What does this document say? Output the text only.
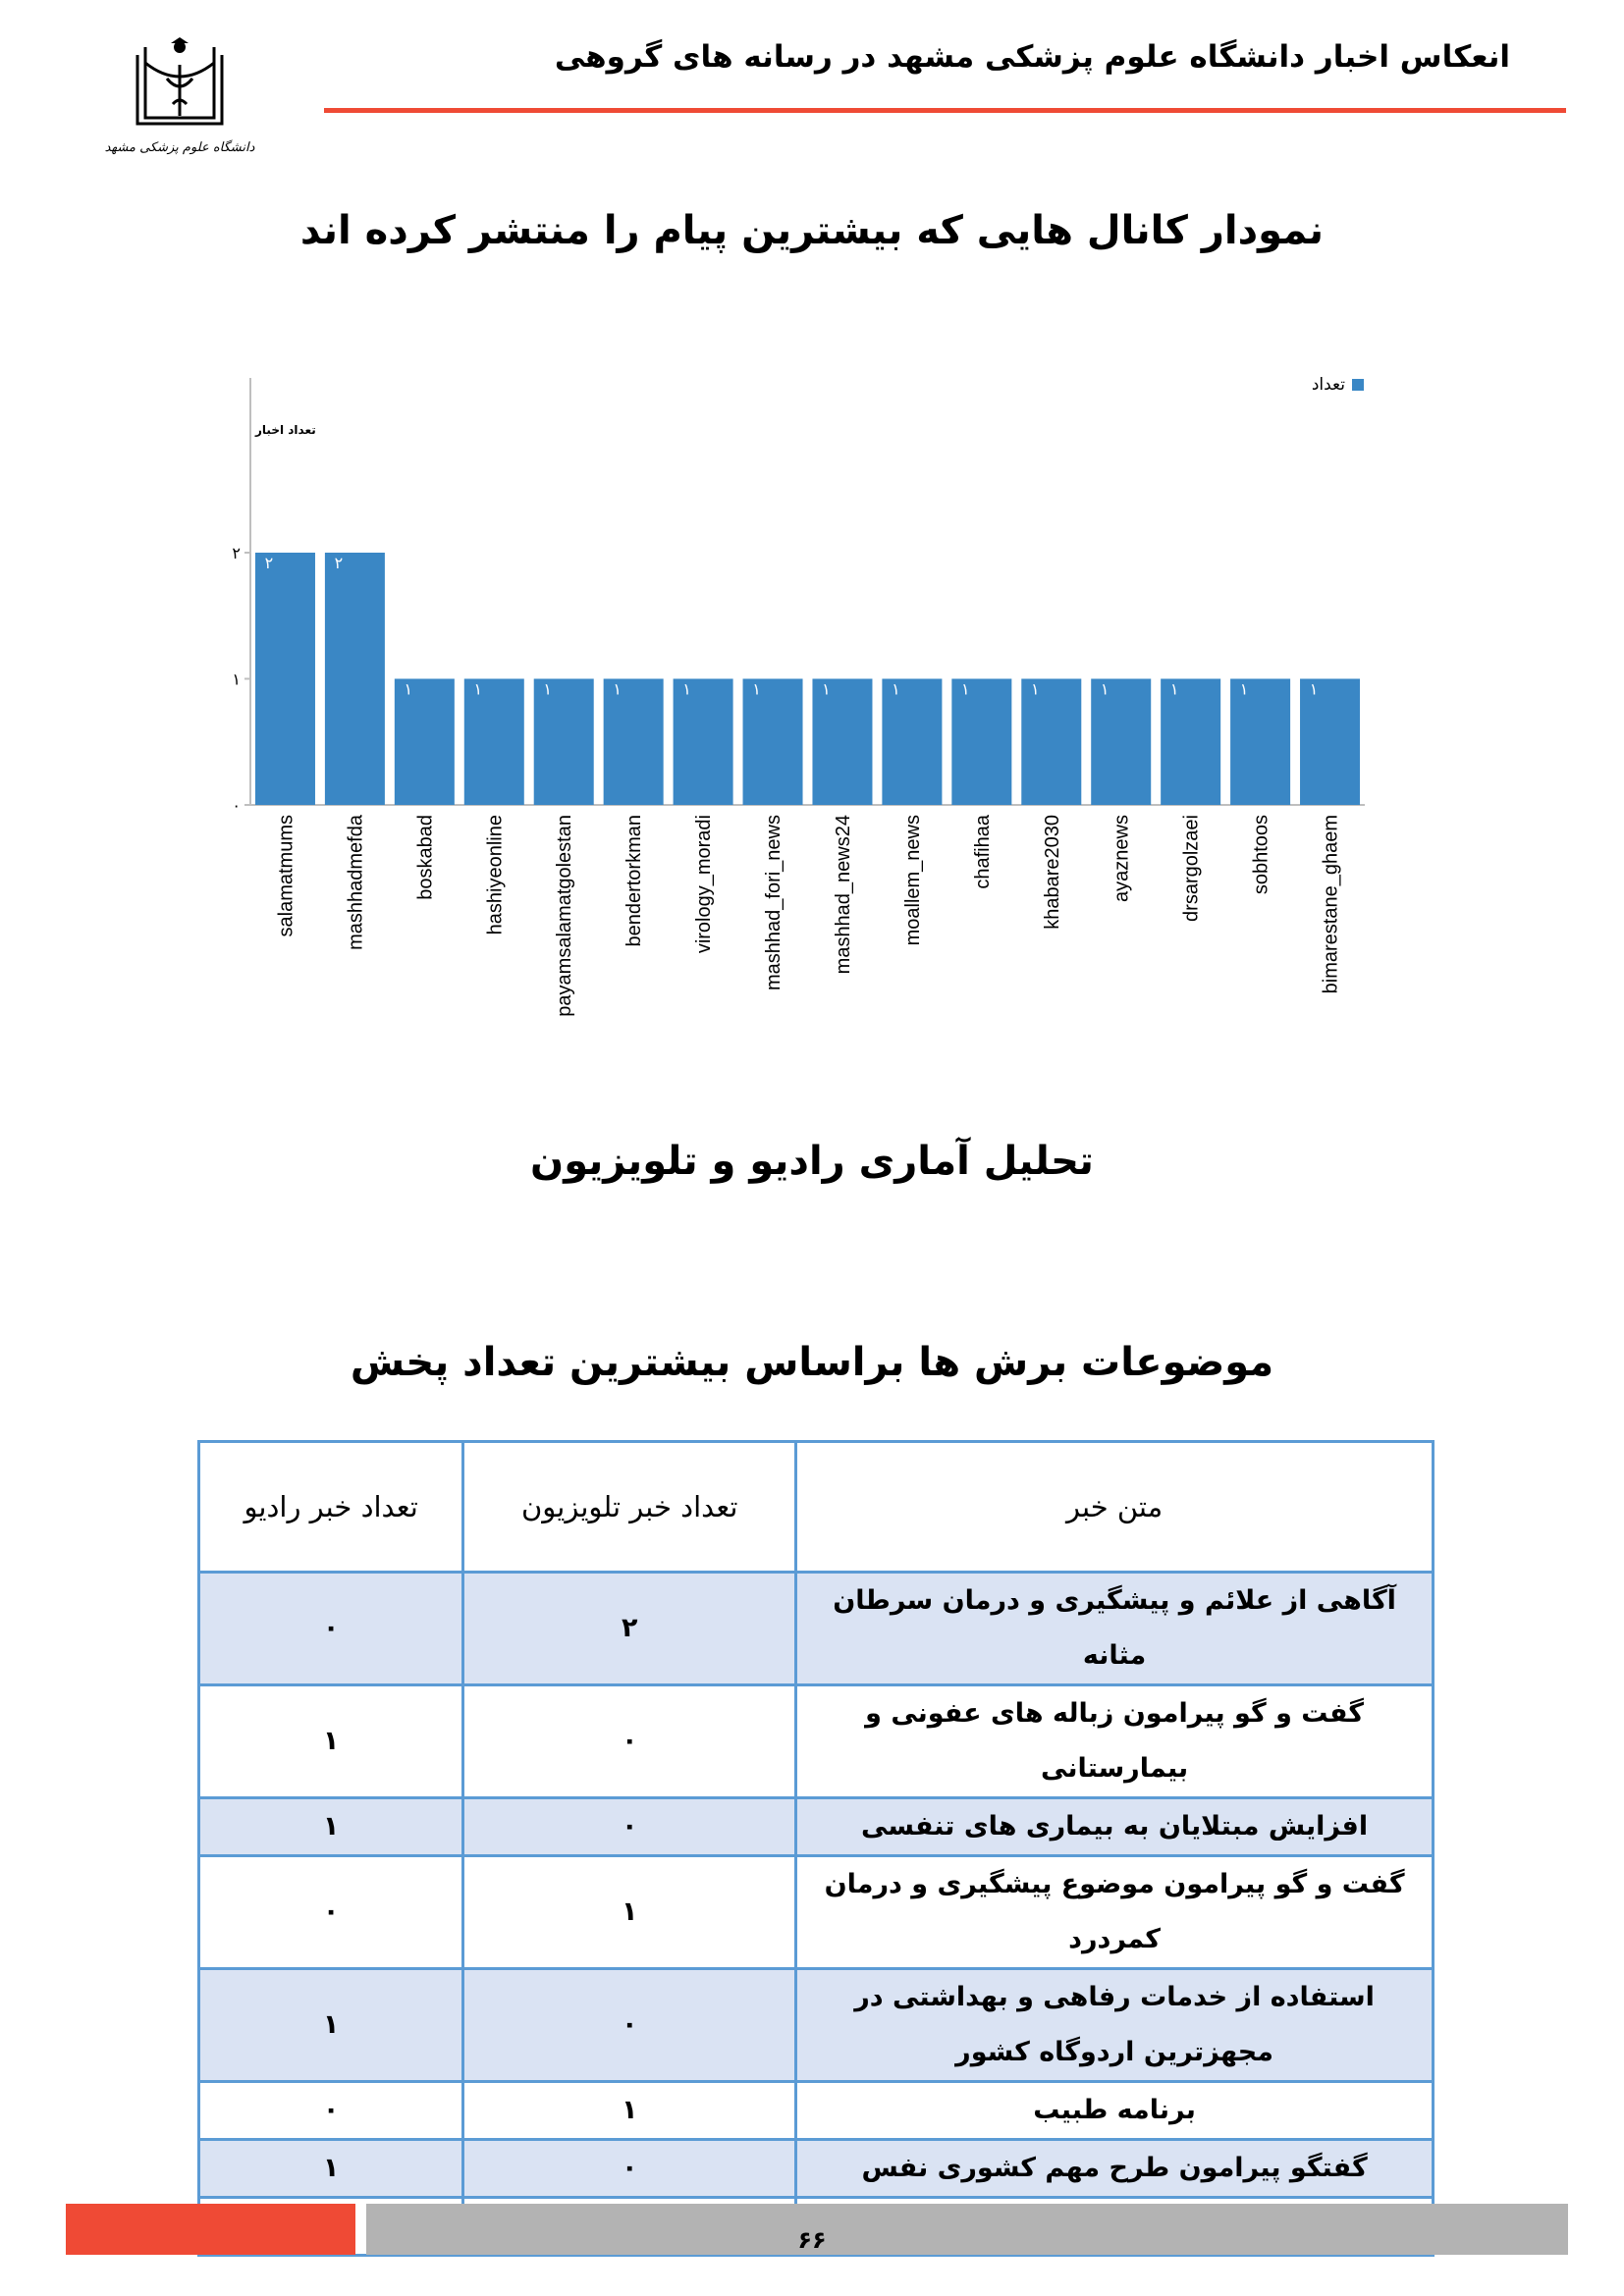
انعکاس اخبار دانشگاه علوم پزشکی مشهد در رسانه های گروهی
دانشگاه علوم پزشکی مشهد
نمودار کانال هایی که بیشترین پیام را منتشر کرده اند
تعداد اخبار
۰
۱
۲
تعداد
۲
salamatmums
۲
mashhadmefda
۱
boskabad
۱
hashiyeonline
۱
payamsalamatgolestan
۱
bendertorkman
۱
virology_moradi
۱
mashhad_fori_news
۱
mashhad_news24
۱
moallem_news
۱
chafihaa
۱
khabare2030
۱
ayaznews
۱
drsargolzaei
۱
sobhtoos
۱
bimarestane_ghaem
تحلیل آماری رادیو و تلویزیون
موضوعات برش ها براساس بیشترین تعداد پخش
متن خبر	تعداد خبر تلویزیون	تعداد خبر رادیو
آگاهی از علائم و پیشگیری و درمان سرطان مثانه	۲	۰
گفت و گو پیرامون زباله های عفونی و بیمارستانی	۰	۱
افزایش مبتلایان به بیماری های تنفسی	۰	۱
گفت و گو پیرامون موضوع پیشگیری و درمان کمردرد	۱	۰
استفاده از خدمات رفاهی و بهداشتی در مجهزترین اردوگاه کشور	۰	۱
برنامه طبیب	۱	۰
گفتگو پیرامون طرح مهم کشوری نفس	۰	۱

۶۶
